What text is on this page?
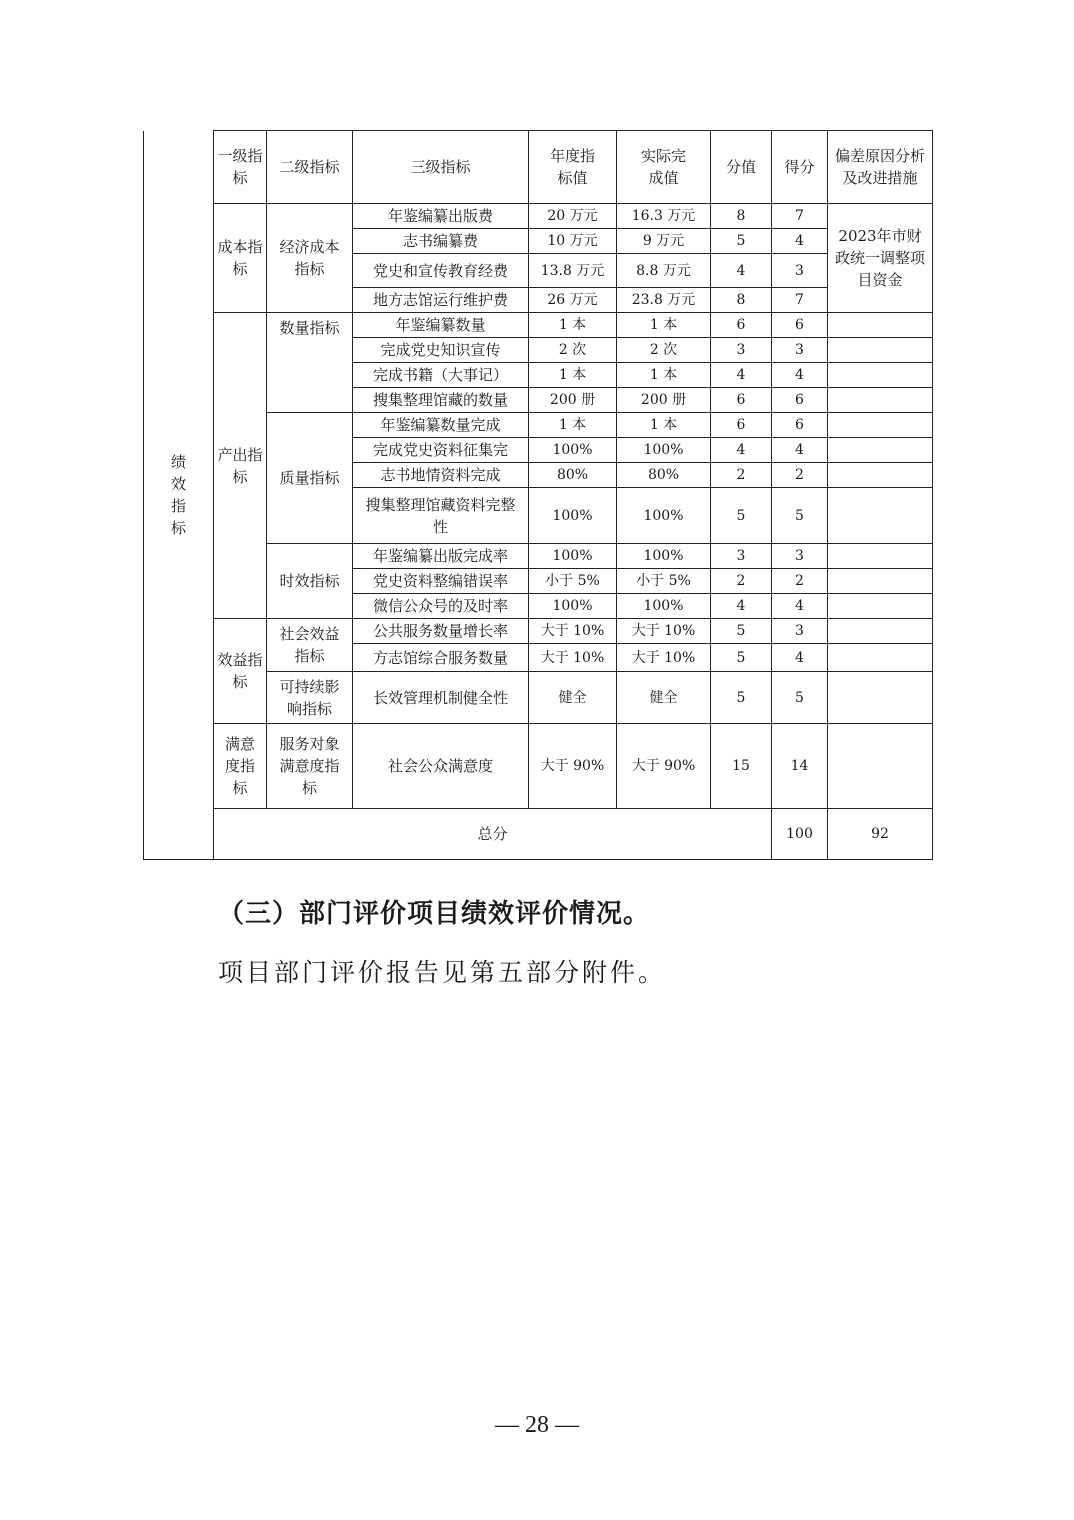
绩效指标	一级指标	二级指标	三级指标	年度指标值	实际完成值	分值	得分	偏差原因分析及改进措施	
	成本指标	经济成本指标	年鉴编纂出版费	20 万元	16.3 万元	8	7	2023年市财政统一调整项目资金	
			志书编纂费	10 万元	9 万元	5	4		
			党史和宣传教育经费	13.8 万元	8.8 万元	4	3		
			地方志馆运行维护费	26 万元	23.8 万元	8	7		
	产出指标	数量指标	年鉴编纂数量	1 本	1 本	6	6		
			完成党史知识宣传	2 次	2 次	3	3		
			完成书籍（大事记）	1 本	1 本	4	4		
			搜集整理馆藏的数量	200 册	200 册	6	6		
		质量指标	年鉴编纂数量完成	1 本	1 本	6	6		
			完成党史资料征集完	100%	100%	4	4		
			志书地情资料完成	80%	80%	2	2		
			搜集整理馆藏资料完整性	100%	100%	5	5		
		时效指标	年鉴编纂出版完成率	100%	100%	3	3		
			党史资料整编错误率	小于 5%	小于 5%	2	2		
			微信公众号的及时率	100%	100%	4	4		
	效益指标	社会效益指标	公共服务数量增长率	大于 10%	大于 10%	5	3		
			方志馆综合服务数量	大于 10%	大于 10%	5	4		
		可持续影响指标	长效管理机制健全性	健全	健全	5	5		
	满意度指标	服务对象满意度指标	社会公众满意度	大于 90%	大于 90%	15	14		
	总分						100	92	
（三）部门评价项目绩效评价情况。
项目部门评价报告见第五部分附件。
— 28 —
